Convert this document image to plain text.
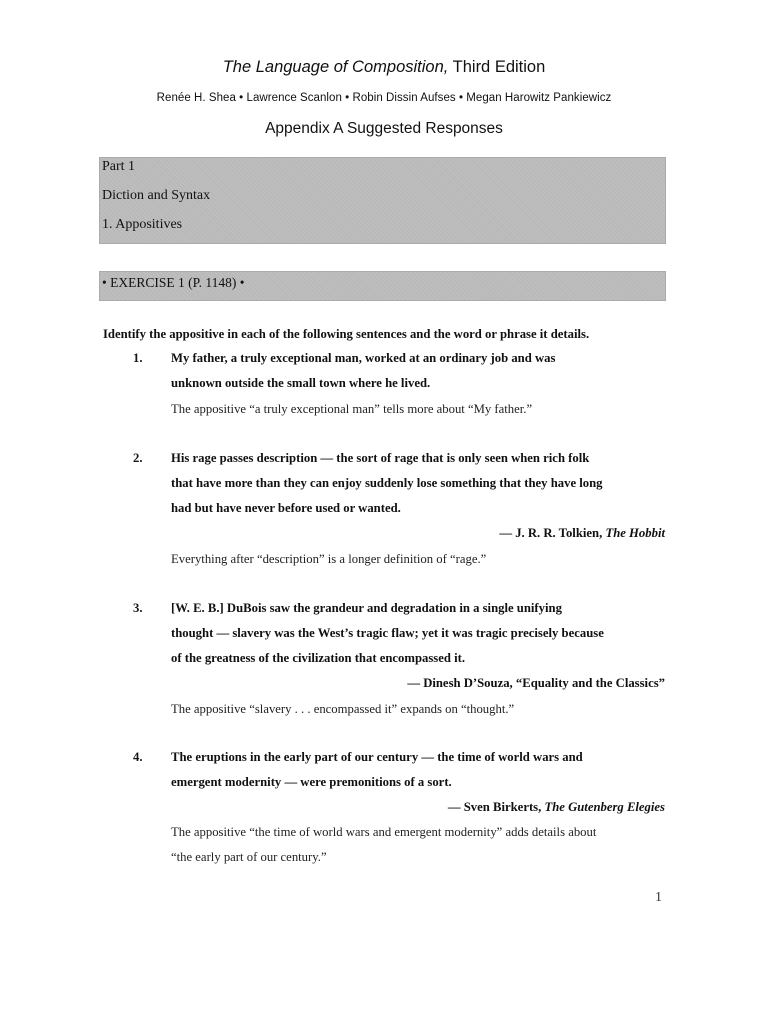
The Language of Composition, Third Edition
Renée H. Shea • Lawrence Scanlon • Robin Dissin Aufses • Megan Harowitz Pankiewicz
Appendix A Suggested Responses
Part 1
Diction and Syntax
1. Appositives
• EXERCISE 1 (P. 1148) •
Identify the appositive in each of the following sentences and the word or phrase it details.
1. My father, a truly exceptional man, worked at an ordinary job and was
unknown outside the small town where he lived.
The appositive “a truly exceptional man” tells more about “My father.”
2. His rage passes description — the sort of rage that is only seen when rich folk
that have more than they can enjoy suddenly lose something that they have long
had but have never before used or wanted.
— J. R. R. Tolkien, The Hobbit
Everything after “description” is a longer definition of “rage.”
3. [W. E. B.] DuBois saw the grandeur and degradation in a single unifying
thought — slavery was the West’s tragic flaw; yet it was tragic precisely because
of the greatness of the civilization that encompassed it.
— Dinesh D’Souza, “Equality and the Classics”
The appositive “slavery . . . encompassed it” expands on “thought.”
4. The eruptions in the early part of our century — the time of world wars and
emergent modernity — were premonitions of a sort.
— Sven Birkerts, The Gutenberg Elegies
The appositive “the time of world wars and emergent modernity” adds details about
“the early part of our century.”
1
